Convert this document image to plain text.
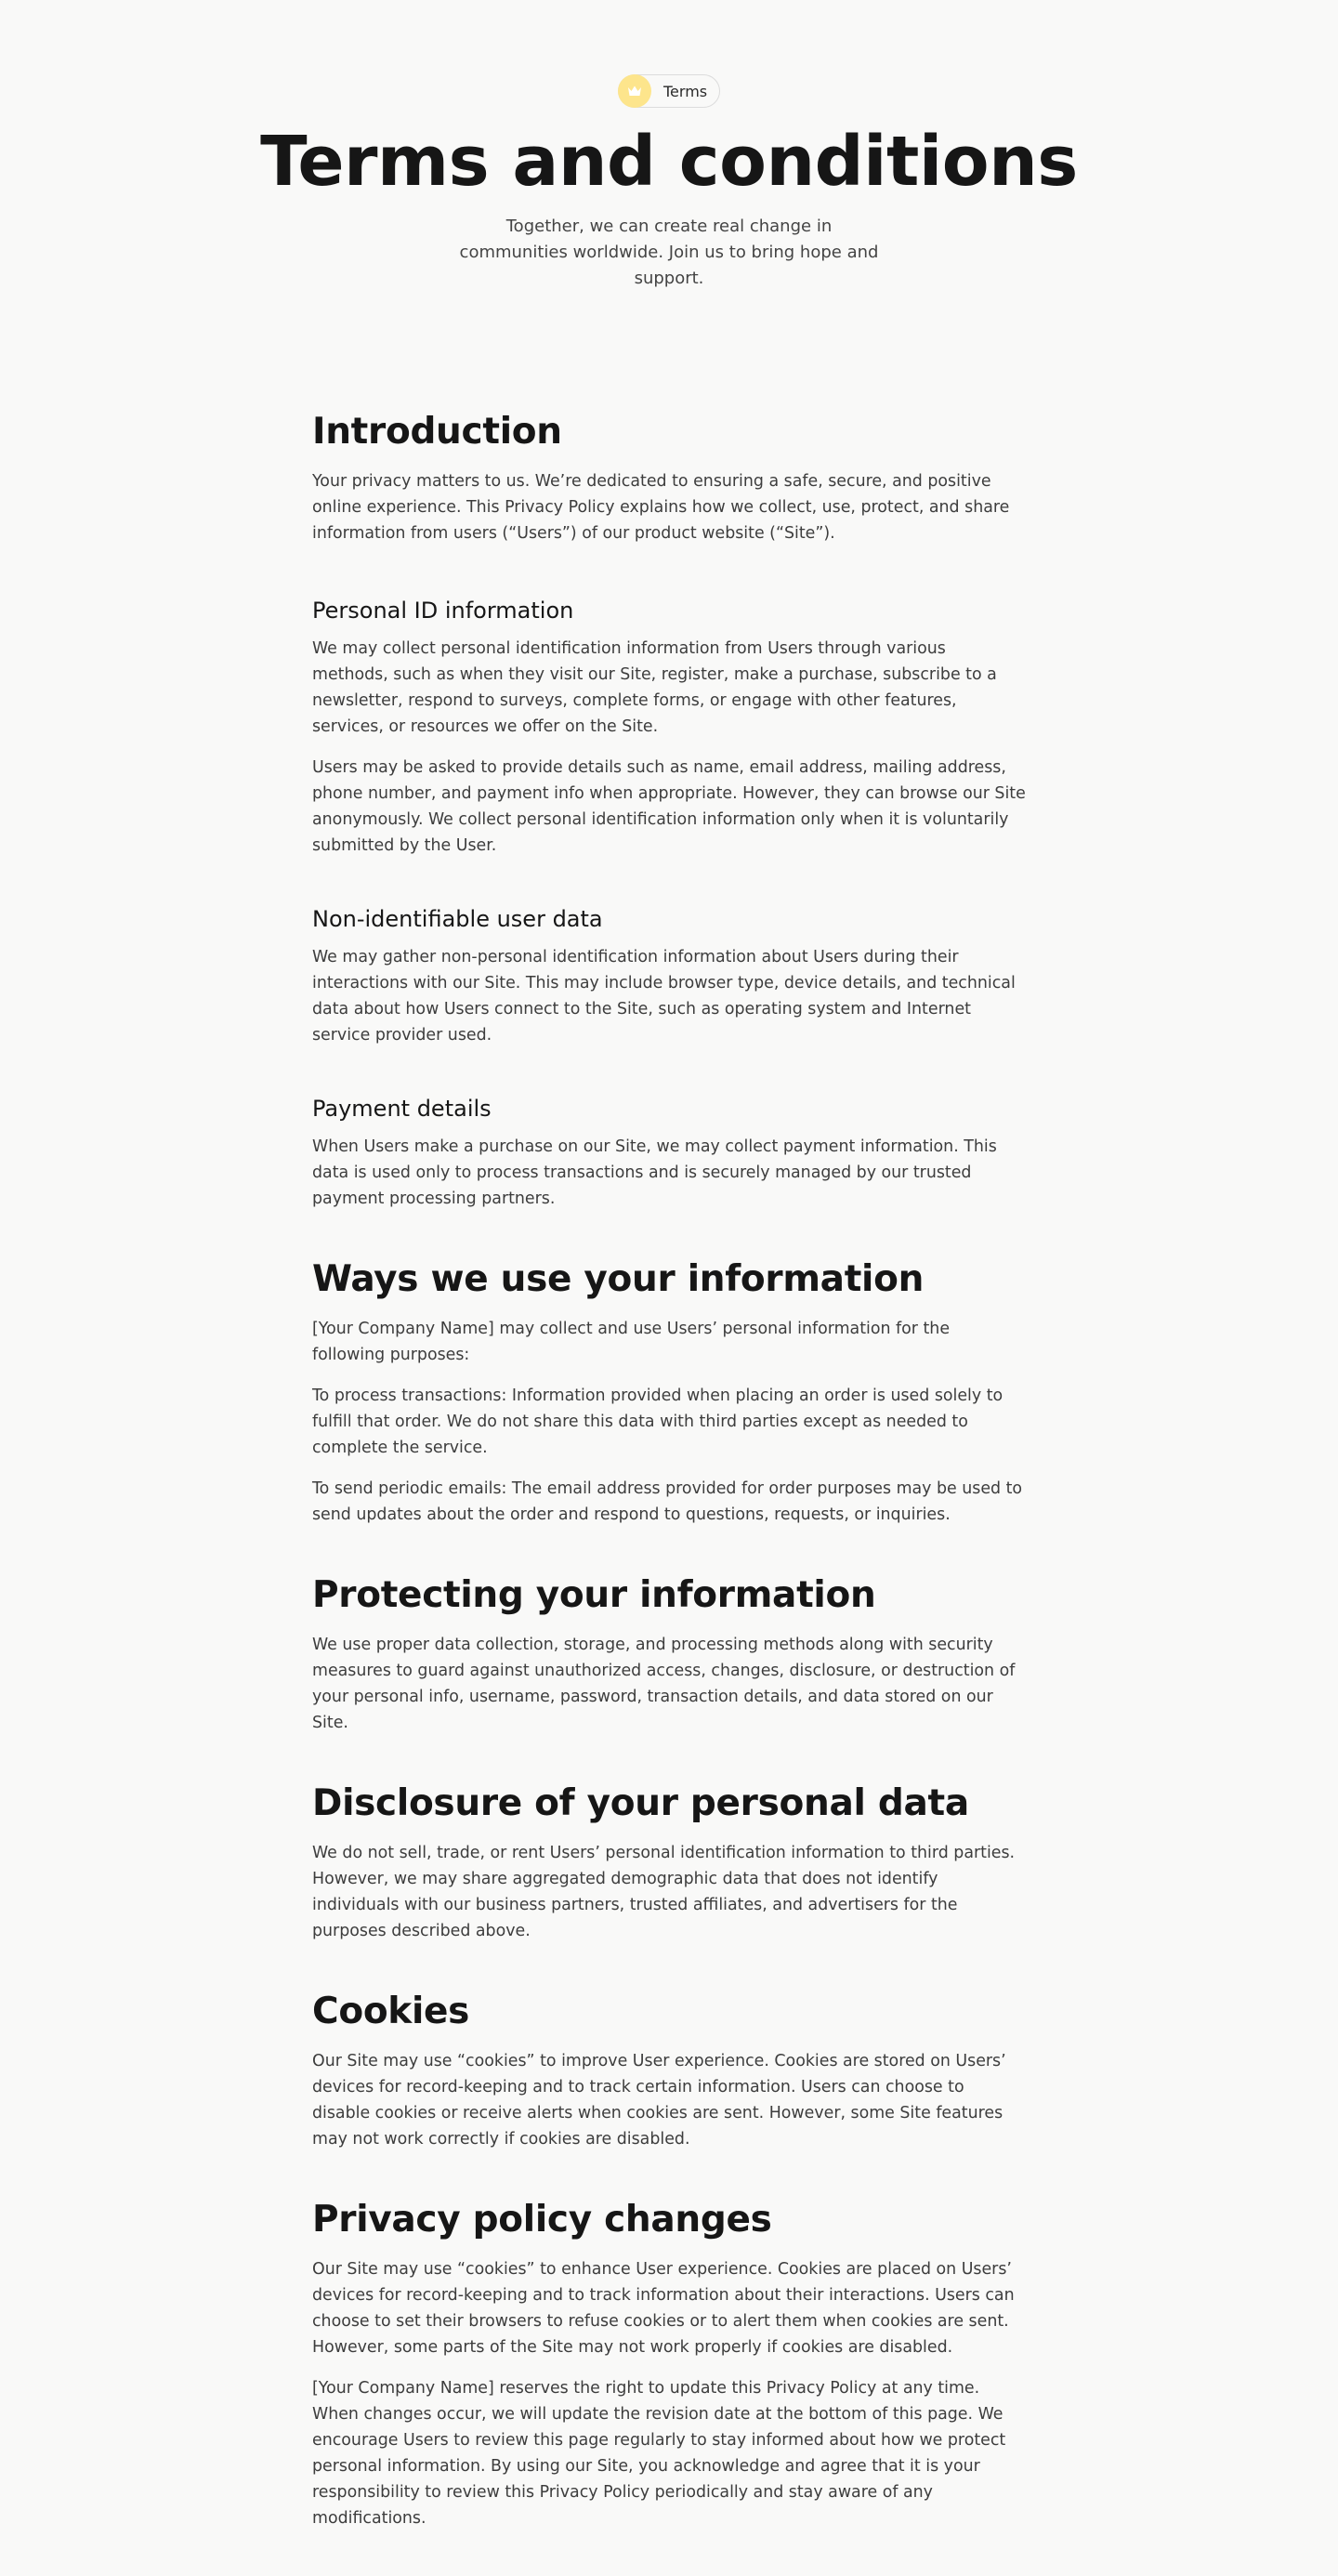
Terms
Terms and conditions

Together, we can create real change in communities worldwide. Join us to bring hope and support.

Introduction

Your privacy matters to us. We’re dedicated to ensuring a safe, secure, and positive online experience. This Privacy Policy explains how we collect, use, protect, and share information from users (“Users”) of our product website (“Site”).

Personal ID information

We may collect personal identification information from Users through various methods, such as when they visit our Site, register, make a purchase, subscribe to a newsletter, respond to surveys, complete forms, or engage with other features, services, or resources we offer on the Site.

Users may be asked to provide details such as name, email address, mailing address, phone number, and payment info when appropriate. However, they can browse our Site anonymously. We collect personal identification information only when it is voluntarily submitted by the User.

Non-identifiable user data

We may gather non-personal identification information about Users during their interactions with our Site. This may include browser type, device details, and technical data about how Users connect to the Site, such as operating system and Internet service provider used.

Payment details

When Users make a purchase on our Site, we may collect payment information. This data is used only to process transactions and is securely managed by our trusted payment processing partners.

Ways we use your information

[Your Company Name] may collect and use Users’ personal information for the following purposes:

To process transactions: Information provided when placing an order is used solely to fulfill that order. We do not share this data with third parties except as needed to complete the service.

To send periodic emails: The email address provided for order purposes may be used to send updates about the order and respond to questions, requests, or inquiries.

Protecting your information

We use proper data collection, storage, and processing methods along with security measures to guard against unauthorized access, changes, disclosure, or destruction of your personal info, username, password, transaction details, and data stored on our Site.

Disclosure of your personal data

We do not sell, trade, or rent Users’ personal identification information to third parties. However, we may share aggregated demographic data that does not identify individuals with our business partners, trusted affiliates, and advertisers for the purposes described above.

Cookies

Our Site may use “cookies” to improve User experience. Cookies are stored on Users’ devices for record-keeping and to track certain information. Users can choose to disable cookies or receive alerts when cookies are sent. However, some Site features may not work correctly if cookies are disabled.

Privacy policy changes

Our Site may use “cookies” to enhance User experience. Cookies are placed on Users’ devices for record-keeping and to track information about their interactions. Users can choose to set their browsers to refuse cookies or to alert them when cookies are sent. However, some parts of the Site may not work properly if cookies are disabled.

[Your Company Name] reserves the right to update this Privacy Policy at any time. When changes occur, we will update the revision date at the bottom of this page. We encourage Users to review this page regularly to stay informed about how we protect personal information. By using our Site, you acknowledge and agree that it is your responsibility to review this Privacy Policy periodically and stay aware of any modifications.
